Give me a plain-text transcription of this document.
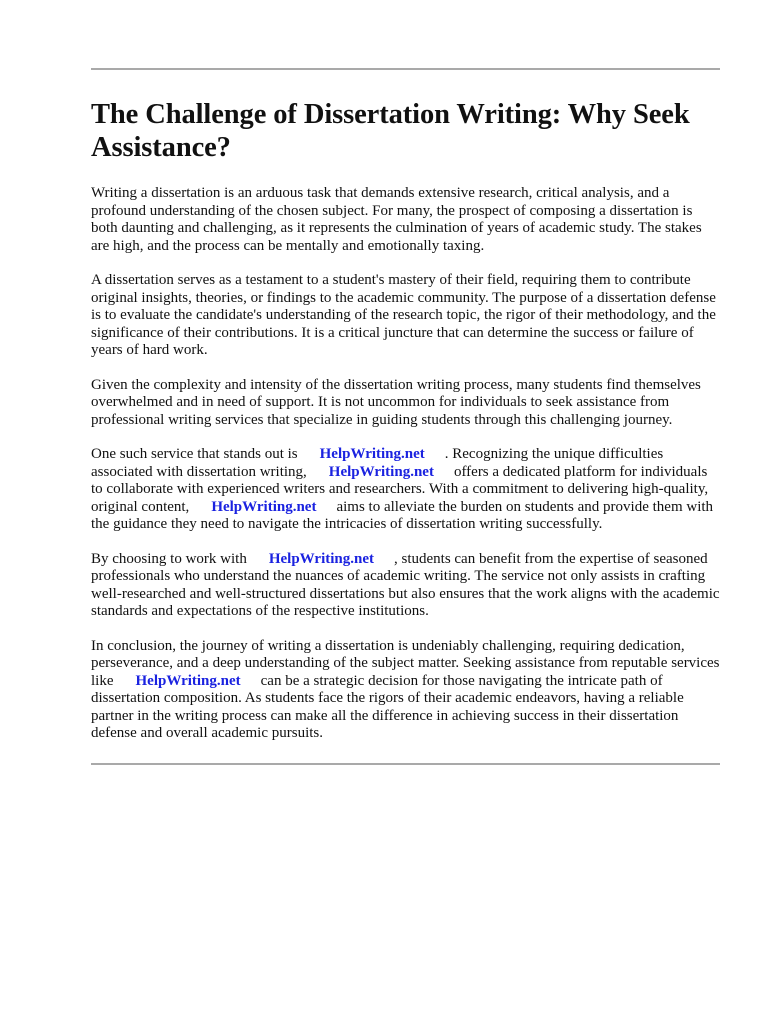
The Challenge of Dissertation Writing: Why Seek Assistance?

Writing a dissertation is an arduous task that demands extensive research, critical analysis, and a profound understanding of the chosen subject. For many, the prospect of composing a dissertation is both daunting and challenging, as it represents the culmination of years of academic study. The stakes are high, and the process can be mentally and emotionally taxing.

A dissertation serves as a testament to a student's mastery of their field, requiring them to contribute original insights, theories, or findings to the academic community. The purpose of a dissertation defense is to evaluate the candidate's understanding of the research topic, the rigor of their methodology, and the significance of their contributions. It is a critical juncture that can determine the success or failure of years of hard work.

Given the complexity and intensity of the dissertation writing process, many students find themselves overwhelmed and in need of support. It is not uncommon for individuals to seek assistance from professional writing services that specialize in guiding students through this challenging journey.

One such service that stands out is HelpWriting.net . Recognizing the unique difficulties associated with dissertation writing, HelpWriting.net offers a dedicated platform for individuals to collaborate with experienced writers and researchers. With a commitment to delivering high-quality, original content, HelpWriting.net aims to alleviate the burden on students and provide them with the guidance they need to navigate the intricacies of dissertation writing successfully.

By choosing to work with HelpWriting.net , students can benefit from the expertise of seasoned professionals who understand the nuances of academic writing. The service not only assists in crafting well-researched and well-structured dissertations but also ensures that the work aligns with the academic standards and expectations of the respective institutions.

In conclusion, the journey of writing a dissertation is undeniably challenging, requiring dedication, perseverance, and a deep understanding of the subject matter. Seeking assistance from reputable services like HelpWriting.net can be a strategic decision for those navigating the intricate path of dissertation composition. As students face the rigors of their academic endeavors, having a reliable partner in the writing process can make all the difference in achieving success in their dissertation defense and overall academic pursuits.
